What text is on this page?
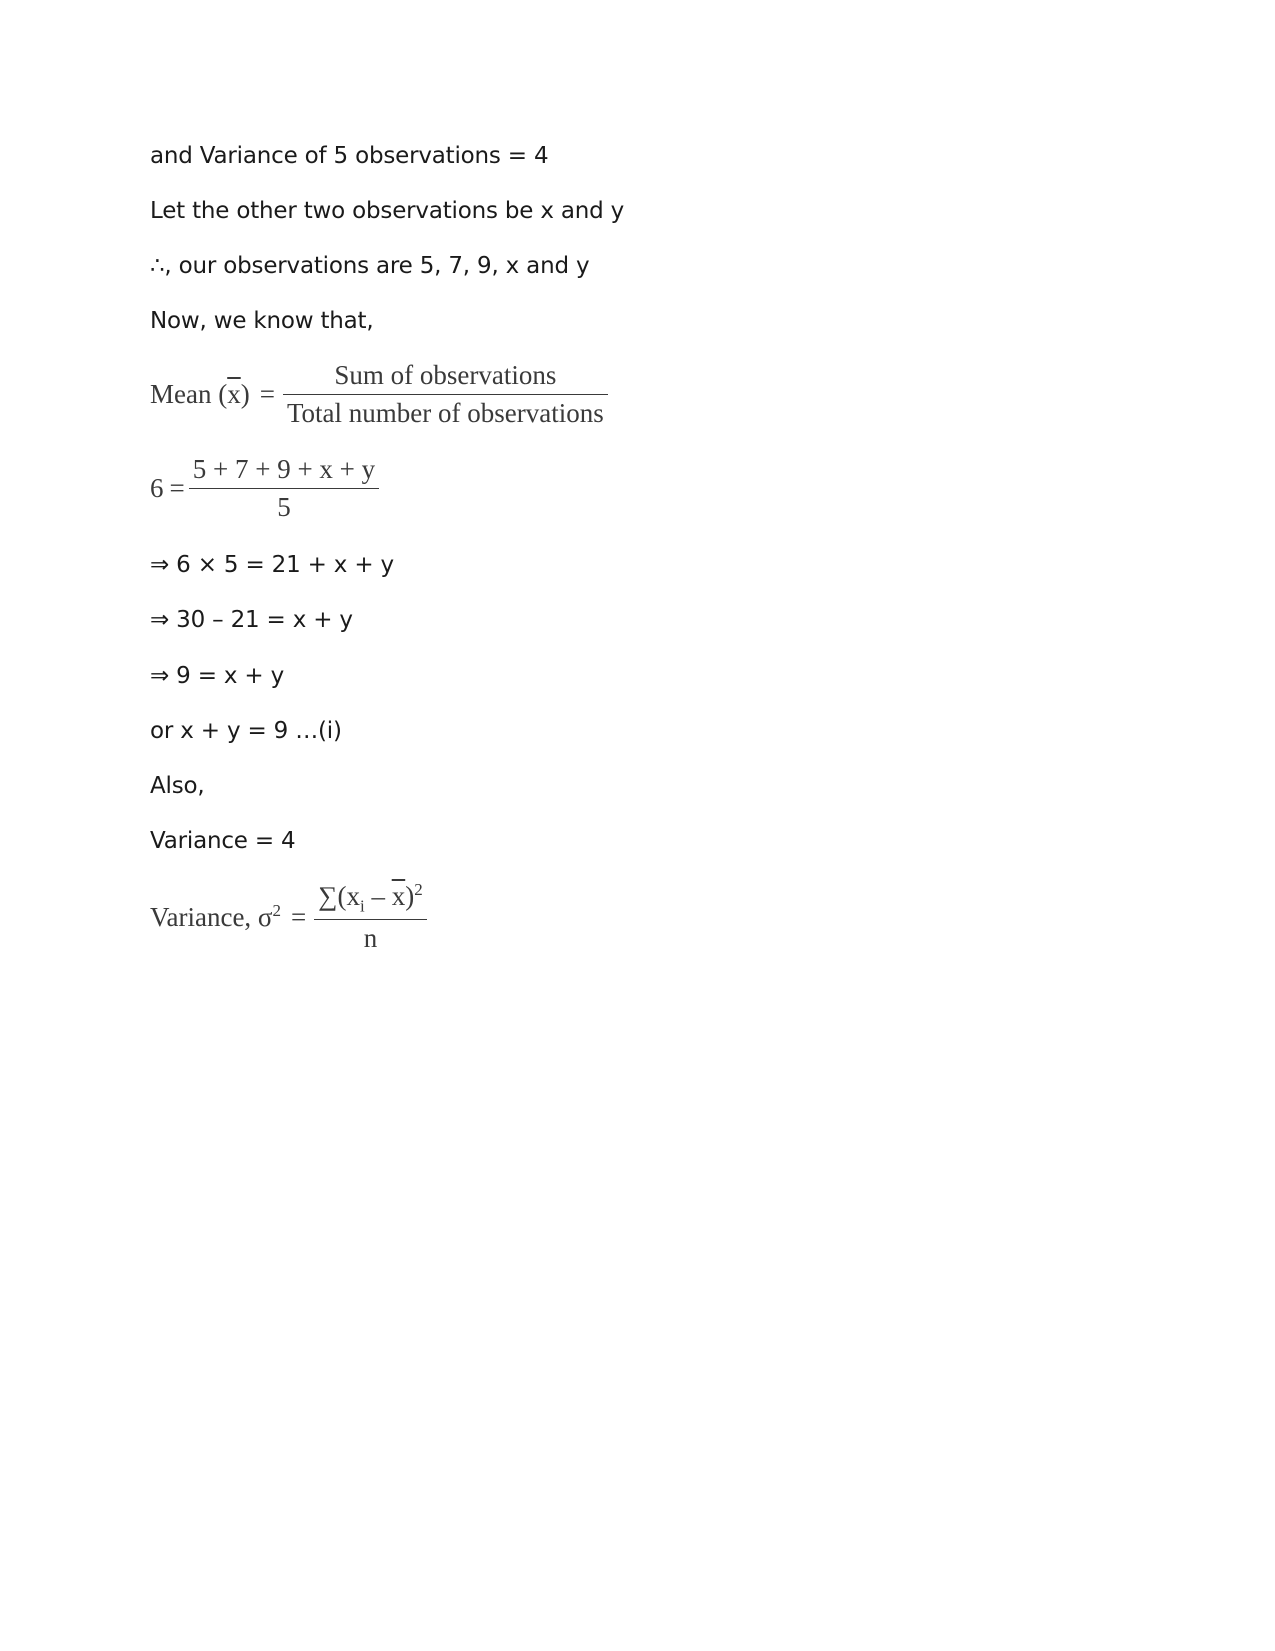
and Variance of 5 observations = 4
Let the other two observations be x and y
∴, our observations are 5, 7, 9, x and y
Now, we know that,
Mean $(\overline{x}) = \frac{\text{Sum of observations}}{\text{Total number of observations}}$
$6 = \frac{5 + 7 + 9 + x + y}{5}$
⇒ 6 × 5 = 21 + x + y
⇒ 30 – 21 = x + y
⇒ 9 = x + y
or x + y = 9 …(i)
Also,
Variance = 4
Variance, $\sigma^2 = \frac{\sum(x_i - \overline{x})^2}{n}$
